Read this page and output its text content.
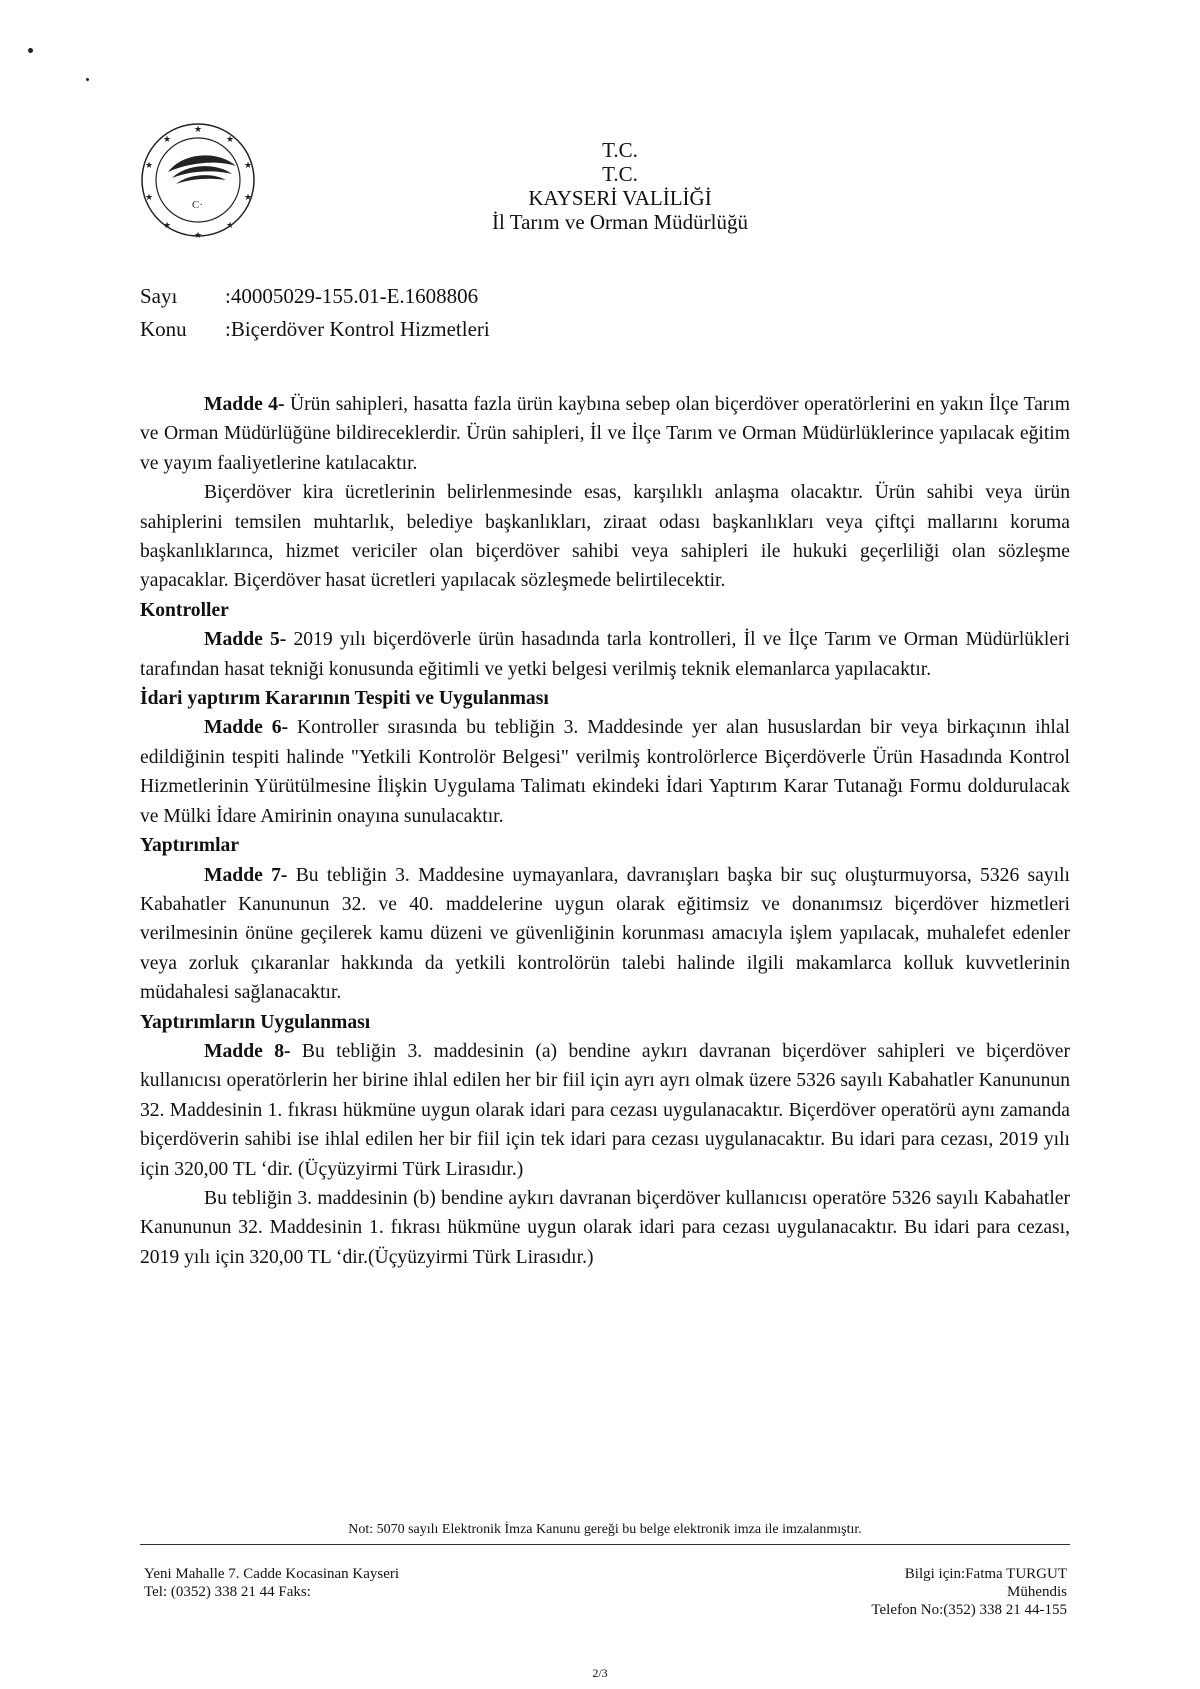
★
★	★
★	★
★	★
★	★
★
C·
T.C.
T.C.
KAYSERİ VALİLİĞİ
İl Tarım ve Orman Müdürlüğü
Sayı :40005029-155.01-E.1608806
Konu :Biçerdöver Kontrol Hizmetleri

Madde 4- Ürün sahipleri, hasatta fazla ürün kaybına sebep olan biçerdöver operatörlerini en yakın İlçe Tarım ve Orman Müdürlüğüne bildireceklerdir. Ürün sahipleri, İl ve İlçe Tarım ve Orman Müdürlüklerince yapılacak eğitim ve yayım faaliyetlerine katılacaktır.

Biçerdöver kira ücretlerinin belirlenmesinde esas, karşılıklı anlaşma olacaktır. Ürün sahibi veya ürün sahiplerini temsilen muhtarlık, belediye başkanlıkları, ziraat odası başkanlıkları veya çiftçi mallarını koruma başkanlıklarınca, hizmet vericiler olan biçerdöver sahibi veya sahipleri ile hukuki geçerliliği olan sözleşme yapacaklar. Biçerdöver hasat ücretleri yapılacak sözleşmede belirtilecektir.

Kontroller

Madde 5- 2019 yılı biçerdöverle ürün hasadında tarla kontrolleri, İl ve İlçe Tarım ve Orman Müdürlükleri tarafından hasat tekniği konusunda eğitimli ve yetki belgesi verilmiş teknik elemanlarca yapılacaktır.

İdari yaptırım Kararının Tespiti ve Uygulanması

Madde 6- Kontroller sırasında bu tebliğin 3. Maddesinde yer alan hususlardan bir veya birkaçının ihlal edildiğinin tespiti halinde "Yetkili Kontrolör Belgesi" verilmiş kontrolörlerce Biçerdöverle Ürün Hasadında Kontrol Hizmetlerinin Yürütülmesine İlişkin Uygulama Talimatı ekindeki İdari Yaptırım Karar Tutanağı Formu doldurulacak ve Mülki İdare Amirinin onayına sunulacaktır.

Yaptırımlar

Madde 7- Bu tebliğin 3. Maddesine uymayanlara, davranışları başka bir suç oluşturmuyorsa, 5326 sayılı Kabahatler Kanununun 32. ve 40. maddelerine uygun olarak eğitimsiz ve donanımsız biçerdöver hizmetleri verilmesinin önüne geçilerek kamu düzeni ve güvenliğinin korunması amacıyla işlem yapılacak, muhalefet edenler veya zorluk çıkaranlar hakkında da yetkili kontrolörün talebi halinde ilgili makamlarca kolluk kuvvetlerinin müdahalesi sağlanacaktır.

Yaptırımların Uygulanması

Madde 8- Bu tebliğin 3. maddesinin (a) bendine aykırı davranan biçerdöver sahipleri ve biçerdöver kullanıcısı operatörlerin her birine ihlal edilen her bir fiil için ayrı ayrı olmak üzere 5326 sayılı Kabahatler Kanununun 32. Maddesinin 1. fıkrası hükmüne uygun olarak idari para cezası uygulanacaktır. Biçerdöver operatörü aynı zamanda biçerdöverin sahibi ise ihlal edilen her bir fiil için tek idari para cezası uygulanacaktır. Bu idari para cezası, 2019 yılı için 320,00 TL ‘dir. (Üçyüzyirmi Türk Lirasıdır.)

Bu tebliğin 3. maddesinin (b) bendine aykırı davranan biçerdöver kullanıcısı operatöre 5326 sayılı Kabahatler Kanununun 32. Maddesinin 1. fıkrası hükmüne uygun olarak idari para cezası uygulanacaktır. Bu idari para cezası, 2019 yılı için 320,00 TL ‘dir.(Üçyüzyirmi Türk Lirasıdır.)

Not: 5070 sayılı Elektronik İmza Kanunu gereği bu belge elektronik imza ile imzalanmıştır.
Yeni Mahalle 7. Cadde Kocasinan Kayseri
Tel: (0352) 338 21 44 Faks:
Bilgi için:Fatma TURGUT
Mühendis
Telefon No:(352) 338 21 44-155
2/3
